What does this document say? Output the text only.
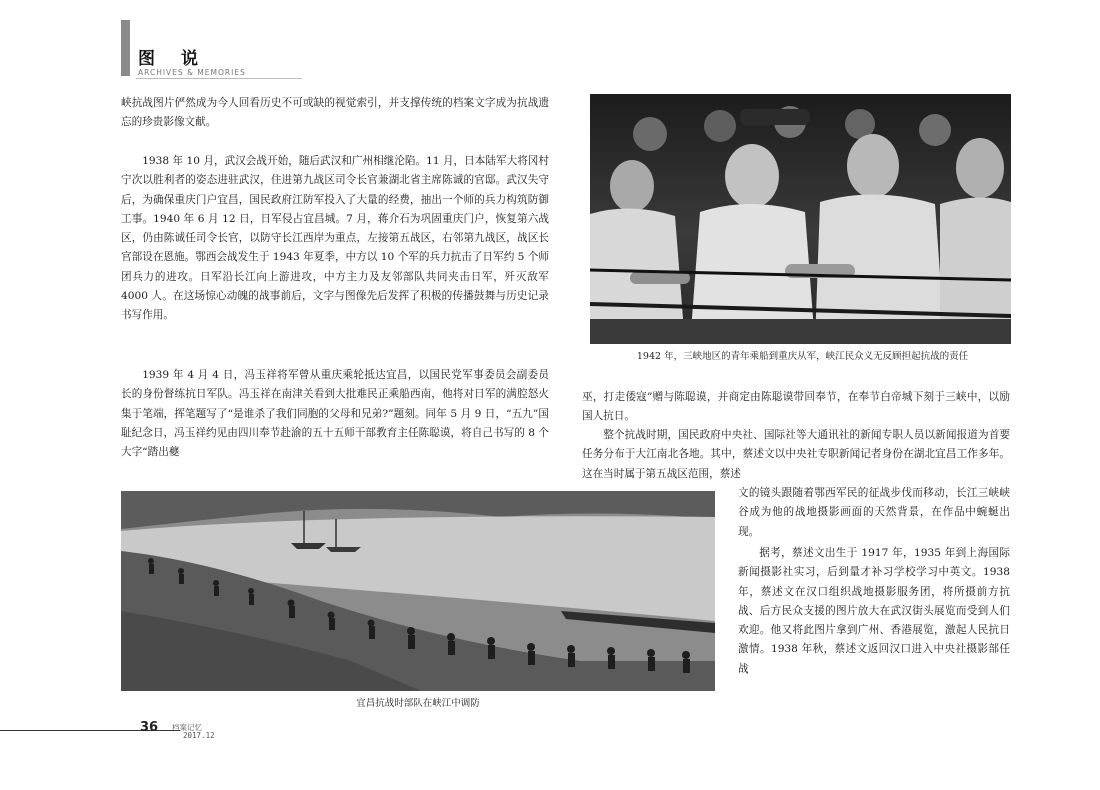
图说
ARCHIVES & MEMORIES

峡抗战图片俨然成为今人回看历史不可或缺的视觉索引，并支撑传统的档案文字成为抗战遗忘的珍贵影像文献。

1938 年 10 月，武汉会战开始，随后武汉和广州相继沦陷。11 月，日本陆军大将冈村宁次以胜利者的姿态进驻武汉，住进第九战区司令长官兼湖北省主席陈诚的官邸。武汉失守后，为确保重庆门户宜昌，国民政府江防军投入了大量的经费，抽出一个师的兵力构筑防御工事。1940 年 6 月 12 日，日军侵占宜昌城。7 月，蒋介石为巩固重庆门户，恢复第六战区，仍由陈诚任司令长官，以防守长江西岸为重点，左接第五战区，右邻第九战区，战区长官部设在恩施。鄂西会战发生于 1943 年夏季，中方以 10 个军的兵力抗击了日军约 5 个师团兵力的进攻。日军沿长江向上游进攻，中方主力及友邻部队共同夹击日军，歼灭敌军4000 人。在这场惊心动魄的战事前后，文字与图像先后发挥了积极的传播鼓舞与历史记录书写作用。

1939 年 4 月 4 日，冯玉祥将军曾从重庆乘轮抵达宜昌，以国民党军事委员会副委员长的身份督练抗日军队。冯玉祥在南津关看到大批难民正乘船西南，他将对日军的满腔怒火集于笔端，挥笔题写了“是谁杀了我们同胞的父母和兄弟?”题刻。同年 5 月 9 日，“五九”国耻纪念日，冯玉祥约见由四川奉节赴渝的五十五师干部教育主任陈聪谟，将自己书写的 8 个大字“踏出夔

1942 年，三峡地区的青年乘船到重庆从军，峡江民众义无反顾担起抗战的责任

巫，打走倭寇”赠与陈聪谟，并商定由陈聪谟带回奉节，在奉节白帝城下刻于三峡中，以励国人抗日。

整个抗战时期，国民政府中央社、国际社等大通讯社的新闻专职人员以新闻报道为首要任务分布于大江南北各地。其中，蔡述文以中央社专职新闻记者身份在湖北宜昌工作多年。这在当时属于第五战区范围，蔡述

文的镜头跟随着鄂西军民的征战步伐而移动，长江三峡峡谷成为他的战地摄影画面的天然背景，在作品中蜿蜒出现。

据考，蔡述文出生于 1917 年，1935 年到上海国际新闻摄影社实习，后到量才补习学校学习中英文。1938 年，蔡述文在汉口组织战地摄影服务团，将所摄前方抗战、后方民众支援的图片放大在武汉街头展览而受到人们欢迎。他又将此图片拿到广州、香港展览，激起人民抗日激情。1938 年秋，蔡述文返回汉口进入中央社摄影部任战

宜昌抗战时部队在峡江中调防
36 档案记忆
2017.12
